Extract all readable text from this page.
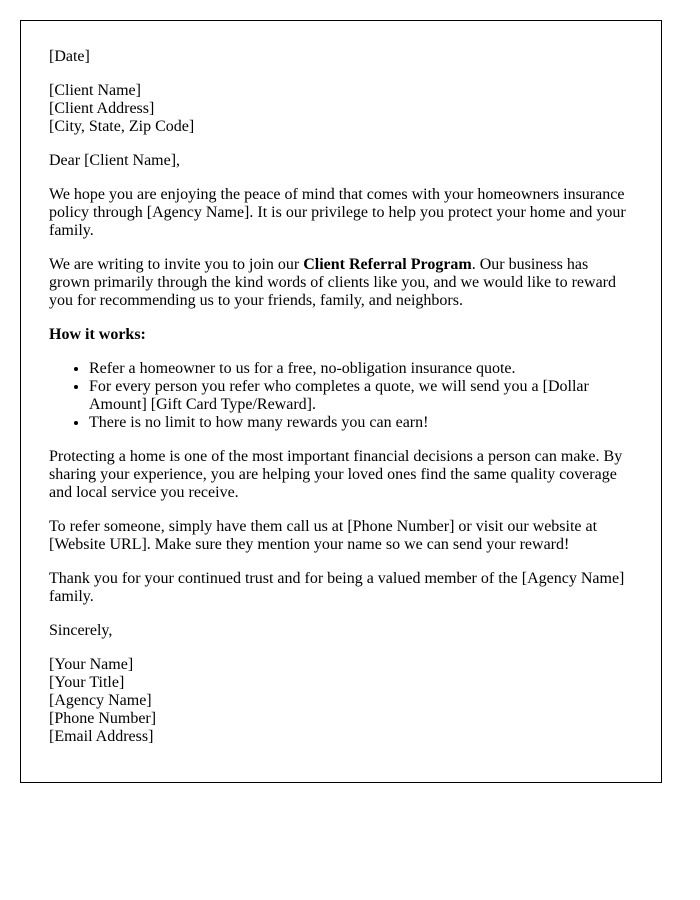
[Date]

[Client Name]
[Client Address]
[City, State, Zip Code]

Dear [Client Name],

We hope you are enjoying the peace of mind that comes with your homeowners insurance policy through [Agency Name]. It is our privilege to help you protect your home and your family.

We are writing to invite you to join our Client Referral Program. Our business has grown primarily through the kind words of clients like you, and we would like to reward you for recommending us to your friends, family, and neighbors.

How it works:

• Refer a homeowner to us for a free, no-obligation insurance quote.
• For every person you refer who completes a quote, we will send you a [Dollar Amount] [Gift Card Type/Reward].
• There is no limit to how many rewards you can earn!

Protecting a home is one of the most important financial decisions a person can make. By sharing your experience, you are helping your loved ones find the same quality coverage and local service you receive.

To refer someone, simply have them call us at [Phone Number] or visit our website at [Website URL]. Make sure they mention your name so we can send your reward!

Thank you for your continued trust and for being a valued member of the [Agency Name] family.

Sincerely,

[Your Name]
[Your Title]
[Agency Name]
[Phone Number]
[Email Address]
